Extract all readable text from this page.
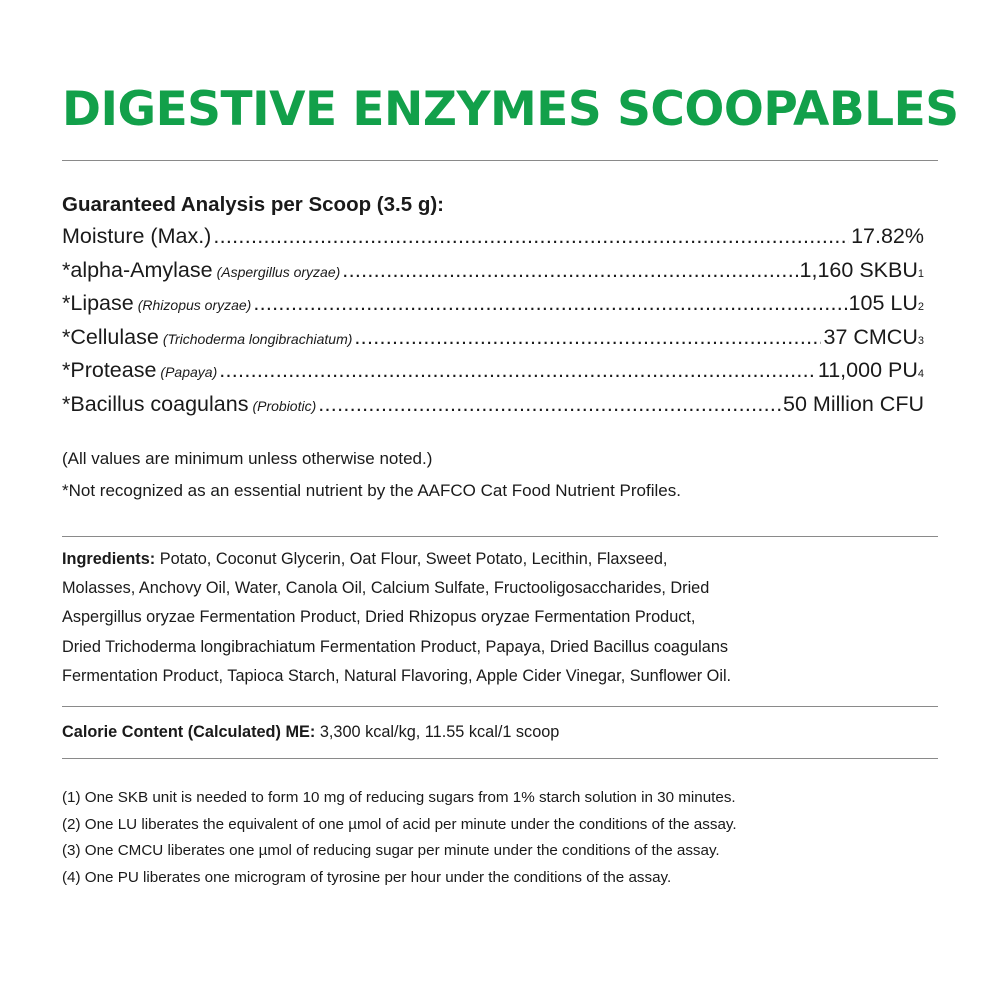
DIGESTIVE ENZYMES SCOOPABLES
Guaranteed Analysis per Scoop (3.5 g):
Moisture (Max.) .....	17.82%
*alpha-Amylase (Aspergillus oryzae) .....	1,160 SKBU 1
*Lipase (Rhizopus oryzae) .....	105 LU 2
*Cellulase (Trichoderma longibrachiatum) .....	37 CMCU 3
*Protease (Papaya) .....	11,000 PU 4
*Bacillus coagulans (Probiotic) .....	50 Million CFU
(All values are minimum unless otherwise noted.)
*Not recognized as an essential nutrient by the AAFCO Cat Food Nutrient Profiles.
Ingredients: Potato, Coconut Glycerin, Oat Flour, Sweet Potato, Lecithin, Flaxseed,
Molasses, Anchovy Oil, Water, Canola Oil, Calcium Sulfate, Fructooligosaccharides, Dried
Aspergillus oryzae Fermentation Product, Dried Rhizopus oryzae Fermentation Product,
Dried Trichoderma longibrachiatum Fermentation Product, Papaya, Dried Bacillus coagulans
Fermentation Product, Tapioca Starch, Natural Flavoring, Apple Cider Vinegar, Sunflower Oil.
Calorie Content (Calculated) ME: 3,300 kcal/kg, 11.55 kcal/1 scoop
(1) One SKB unit is needed to form 10 mg of reducing sugars from 1% starch solution in 30 minutes.
(2) One LU liberates the equivalent of one µmol of acid per minute under the conditions of the assay.
(3) One CMCU liberates one µmol of reducing sugar per minute under the conditions of the assay.
(4) One PU liberates one microgram of tyrosine per hour under the conditions of the assay.
